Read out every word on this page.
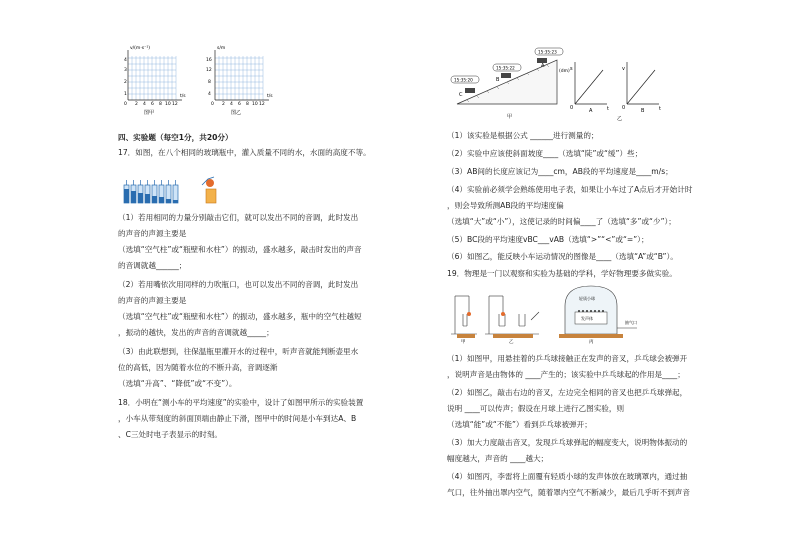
v/(m·s⁻¹)
t/s
4
3
2
1
0 2 4 6 8 10 12
图甲
s/m
t/s
16
12
8
4
0 2 4 6 8 10 12
图乙
四、实验题（每空1分，共20分）
17．如图，在八个相同的玻璃瓶中，灌入质量不同的水，水面的高度不等。
（1）若用相同的力量分别敲击它们，就可以发出不同的音调，此时发出
的声音的声源主要是
（选填“空气柱”或“瓶壁和水柱”）的振动，盛水越多，敲击时发出的声音
的音调就越______；
（2）若用嘴依次用同样的力吹瓶口，也可以发出不同的音调，此时发出
的声音的声源主要是
（选填“空气柱”或“瓶壁和水柱”）的振动，盛水越多，瓶中的空气柱越短
，振动的越快，发出的声音的音调就越_____；
（3）由此联想到，往保温瓶里灌开水的过程中，听声音就能判断壶里水
位的高低，因为随着水位的不断升高，音调逐渐
（选填“升高”、“降低”或“不变”）。
18．小明在“测小车的平均速度”的实验中，设计了如图甲所示的实验装置
，小车从带刻度的斜面顶端由静止下滑，图甲中的时间是小车到达A、B
、C三处时电子表显示的时刻。
15:35:20
15:35:22
15:35:23
C
B
A
(dm)
甲
s
t
0	A
v
t
0	B
乙
（1）该实验是根据公式 ______进行测量的；
（2）实验中应该使斜面坡度____（选填“陡”或“缓”）些；
（3）AB间的长度应该记为____cm，AB段的平均速度是____m/s；
（4）实验前必须学会熟练使用电子表，如果让小车过了A点后才开始计时
，则会导致所测AB段的平均速度偏
（选填“大”或“小”），这使记录的时间偏____了（选填“多”或“少”）；
（5）BC段的平均速度vBC___vAB（选填“>”“<”或“=”）；
（6）如图乙，能反映小车运动情况的图像是____（选填“A”或“B”）。
19．物理是一门以观察和实验为基础的学科，学好物理要多做实验。
轻质小球
发声体
抽气口
甲	乙	丙
（1）如图甲，用悬挂着的乒乓球接触正在发声的音叉，乒乓球会被弹开
，说明声音是由物体的 ____产生的；该实验中乒乓球起的作用是____；
（2）如图乙，敲击右边的音叉，左边完全相同的音叉也把乒乓球弹起，
说明 ____可以传声；假设在月球上进行乙图实验，则
（选填“能”或“不能”）看到乒乓球被弹开；
（3）加大力度敲击音叉，发现乒乓球弹起的幅度变大，说明物体振动的
幅度越大，声音的 ____越大；
（4）如图丙，李雷将上面覆有轻质小球的发声体放在玻璃罩内，通过抽
气口，往外抽出罩内空气，随着罩内空气不断减少，最后几乎听不到声音
